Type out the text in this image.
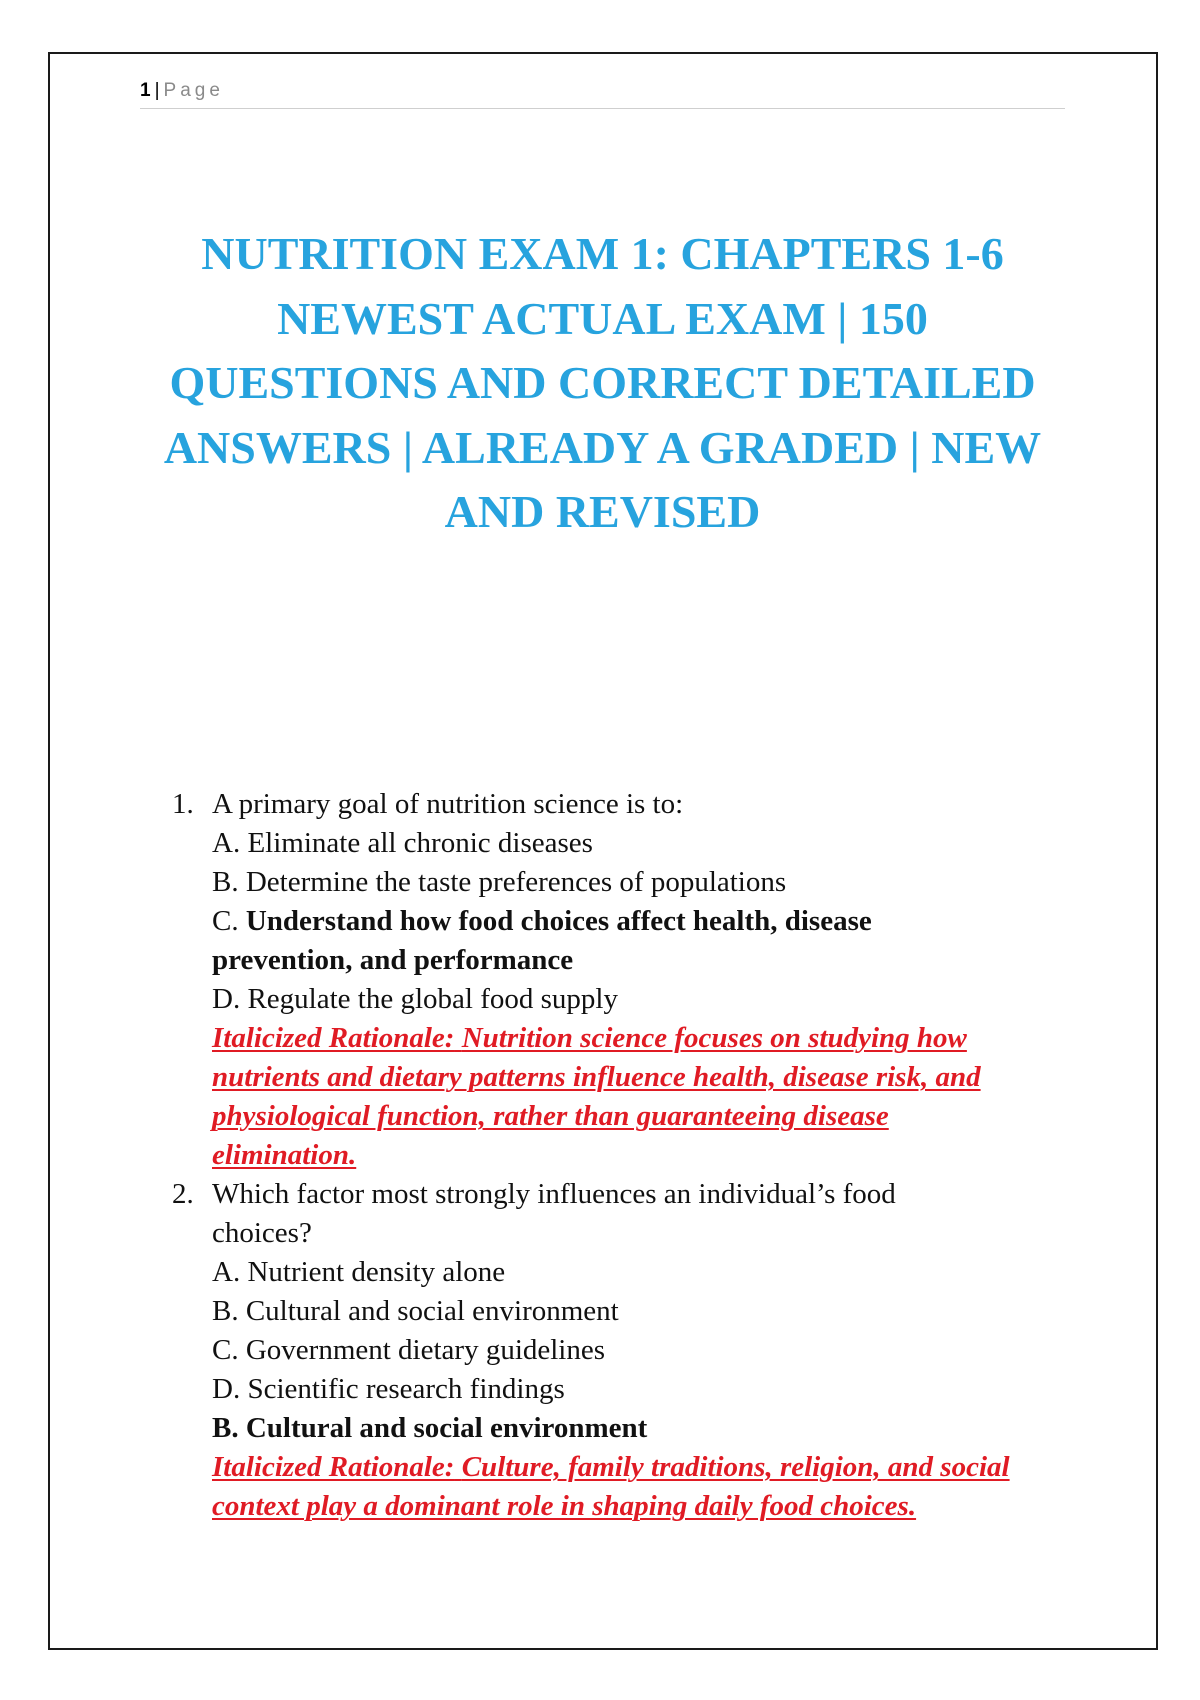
1 | Page
NUTRITION EXAM 1: CHAPTERS 1-6
NEWEST ACTUAL EXAM | 150
QUESTIONS AND CORRECT DETAILED
ANSWERS | ALREADY A GRADED | NEW
AND REVISED
1. A primary goal of nutrition science is to:
A. Eliminate all chronic diseases
B. Determine the taste preferences of populations
C. Understand how food choices affect health, disease prevention, and performance
D. Regulate the global food supply
Italicized Rationale: Nutrition science focuses on studying how nutrients and dietary patterns influence health, disease risk, and physiological function, rather than guaranteeing disease elimination.
2. Which factor most strongly influences an individual’s food choices?
A. Nutrient density alone
B. Cultural and social environment
C. Government dietary guidelines
D. Scientific research findings
B. Cultural and social environment
Italicized Rationale: Culture, family traditions, religion, and social context play a dominant role in shaping daily food choices.
